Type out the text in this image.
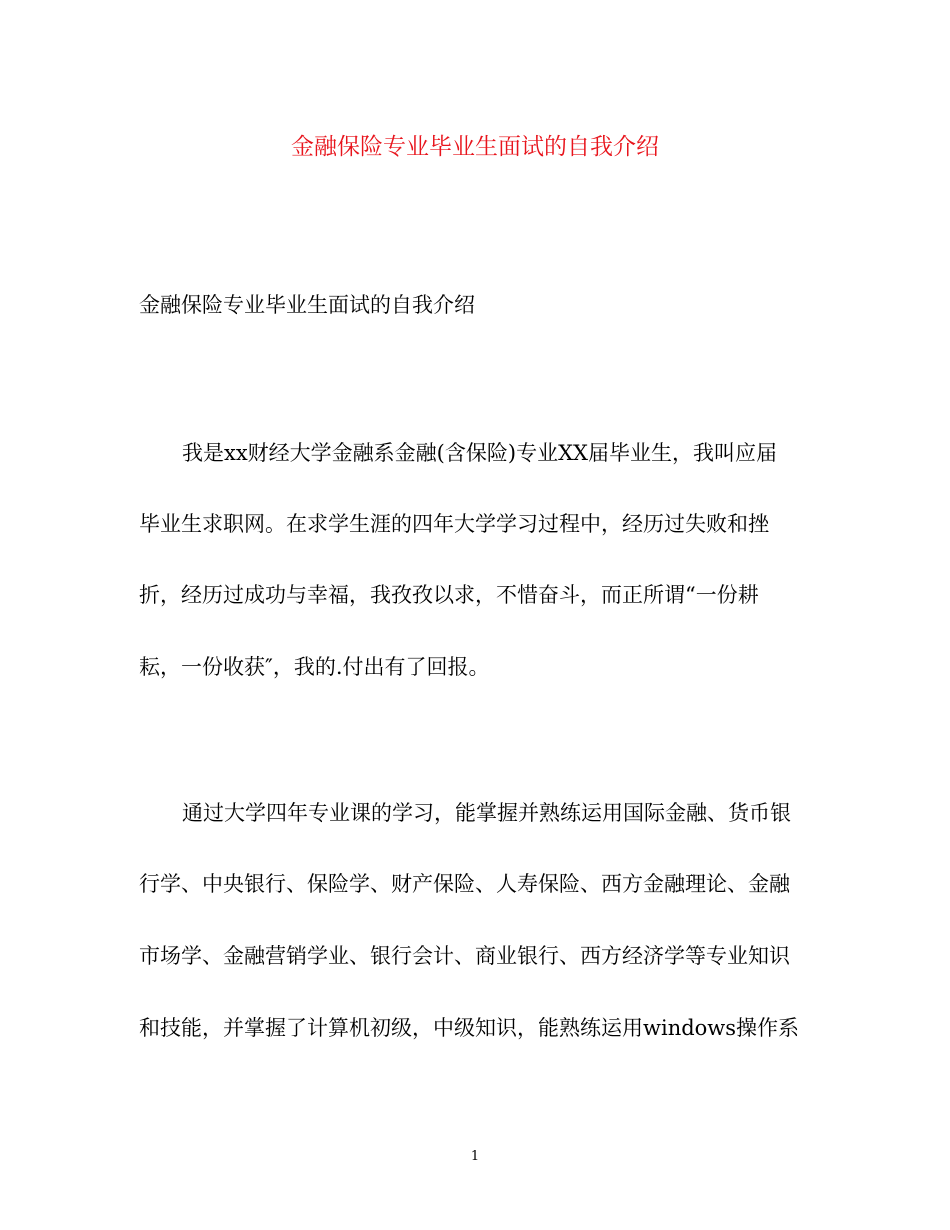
金融保险专业毕业生面试的自我介绍

金融保险专业毕业生面试的自我介绍

我是xx财经大学金融系金融(含保险)专业XX届毕业生，我叫应届

毕业生求职网。在求学生涯的四年大学学习过程中，经历过失败和挫

折，经历过成功与幸福，我孜孜以求，不惜奋斗，而正所谓“一份耕

耘，一份收获″，我的.付出有了回报。

通过大学四年专业课的学习，能掌握并熟练运用国际金融、货币银

行学、中央银行、保险学、财产保险、人寿保险、西方金融理论、金融

市场学、金融营销学业、银行会计、商业银行、西方经济学等专业知识

和技能，并掌握了计算机初级，中级知识，能熟练运用windows操作系

1
